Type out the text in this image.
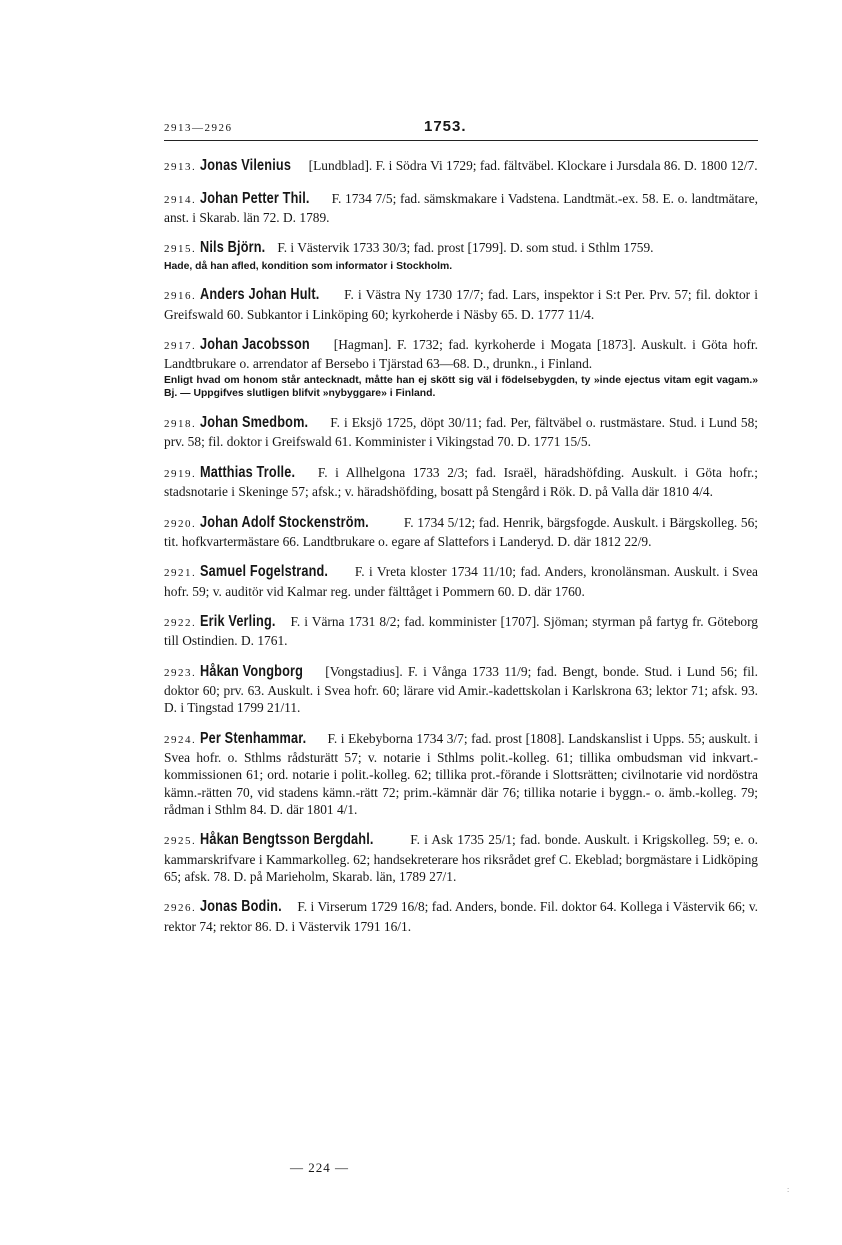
2913—2926	1753.

2913. Jonas Vilenius [Lundblad]. F. i Södra Vi 1729; fad. fältväbel. Klockare i Jursdala 86. D. 1800 12/7.

2914. Johan Petter Thil. F. 1734 7/5; fad. sämskmakare i Vadstena. Landtmät.-ex. 58. E. o. landtmätare, anst. i Skarab. län 72. D. 1789.

2915. Nils Björn. F. i Västervik 1733 30/3; fad. prost [1799]. D. som stud. i Sthlm 1759.
Hade, då han afled, kondition som informator i Stockholm.

2916. Anders Johan Hult. F. i Västra Ny 1730 17/7; fad. Lars, inspektor i S:t Per. Prv. 57; fil. doktor i Greifswald 60. Subkantor i Linköping 60; kyrkoherde i Näsby 65. D. 1777 11/4.

2917. Johan Jacobsson [Hagman]. F. 1732; fad. kyrkoherde i Mogata [1873]. Auskult. i Göta hofr. Landtbrukare o. arrendator af Bersebo i Tjärstad 63—68. D., drunkn., i Finland.
Enligt hvad om honom står antecknadt, måtte han ej skött sig väl i födelsebygden, ty »inde ejectus vitam egit vagam.» Bj. — Uppgifves slutligen blifvit »nybyggare» i Finland.

2918. Johan Smedbom. F. i Eksjö 1725, döpt 30/11; fad. Per, fältväbel o. rustmästare. Stud. i Lund 58; prv. 58; fil. doktor i Greifswald 61. Komminister i Vikingstad 70. D. 1771 15/5.

2919. Matthias Trolle. F. i Allhelgona 1733 2/3; fad. Israël, häradshöfding. Auskult. i Göta hofr.; stadsnotarie i Skeninge 57; afsk.; v. häradshöfding, bosatt på Stengård i Rök. D. på Valla där 1810 4/4.

2920. Johan Adolf Stockenström. F. 1734 5/12; fad. Henrik, bärgsfogde. Auskult. i Bärgskolleg. 56; tit. hofkvartermästare 66. Landtbrukare o. egare af Slattefors i Landeryd. D. där 1812 22/9.

2921. Samuel Fogelstrand. F. i Vreta kloster 1734 11/10; fad. Anders, kronolänsman. Auskult. i Svea hofr. 59; v. auditör vid Kalmar reg. under fälttåget i Pommern 60. D. där 1760.

2922. Erik Verling. F. i Värna 1731 8/2; fad. komminister [1707]. Sjöman; styrman på fartyg fr. Göteborg till Ostindien. D. 1761.

2923. Håkan Vongborg [Vongstadius]. F. i Vånga 1733 11/9; fad. Bengt, bonde. Stud. i Lund 56; fil. doktor 60; prv. 63. Auskult. i Svea hofr. 60; lärare vid Amir.-kadettskolan i Karlskrona 63; lektor 71; afsk. 93. D. i Tingstad 1799 21/11.

2924. Per Stenhammar. F. i Ekebyborna 1734 3/7; fad. prost [1808]. Landskanslist i Upps. 55; auskult. i Svea hofr. o. Sthlms rådsturätt 57; v. notarie i Sthlms polit.-kolleg. 61; tillika ombudsman vid inkvart.-kommissionen 61; ord. notarie i polit.-kolleg. 62; tillika prot.-förande i Slottsrätten; civilnotarie vid nordöstra kämn.-rätten 70, vid stadens kämn.-rätt 72; prim.-kämnär där 76; tillika notarie i byggn.- o. ämb.-kolleg. 79; rådman i Sthlm 84. D. där 1801 4/1.

2925. Håkan Bengtsson Bergdahl. F. i Ask 1735 25/1; fad. bonde. Auskult. i Krigskolleg. 59; e. o. kammarskrifvare i Kammarkolleg. 62; handsekreterare hos riksrådet gref C. Ekeblad; borgmästare i Lidköping 65; afsk. 78. D. på Marieholm, Skarab. län, 1789 27/1.

2926. Jonas Bodin. F. i Virserum 1729 16/8; fad. Anders, bonde. Fil. doktor 64. Kollega i Västervik 66; v. rektor 74; rektor 86. D. i Västervik 1791 16/1.

— 224 —
:
